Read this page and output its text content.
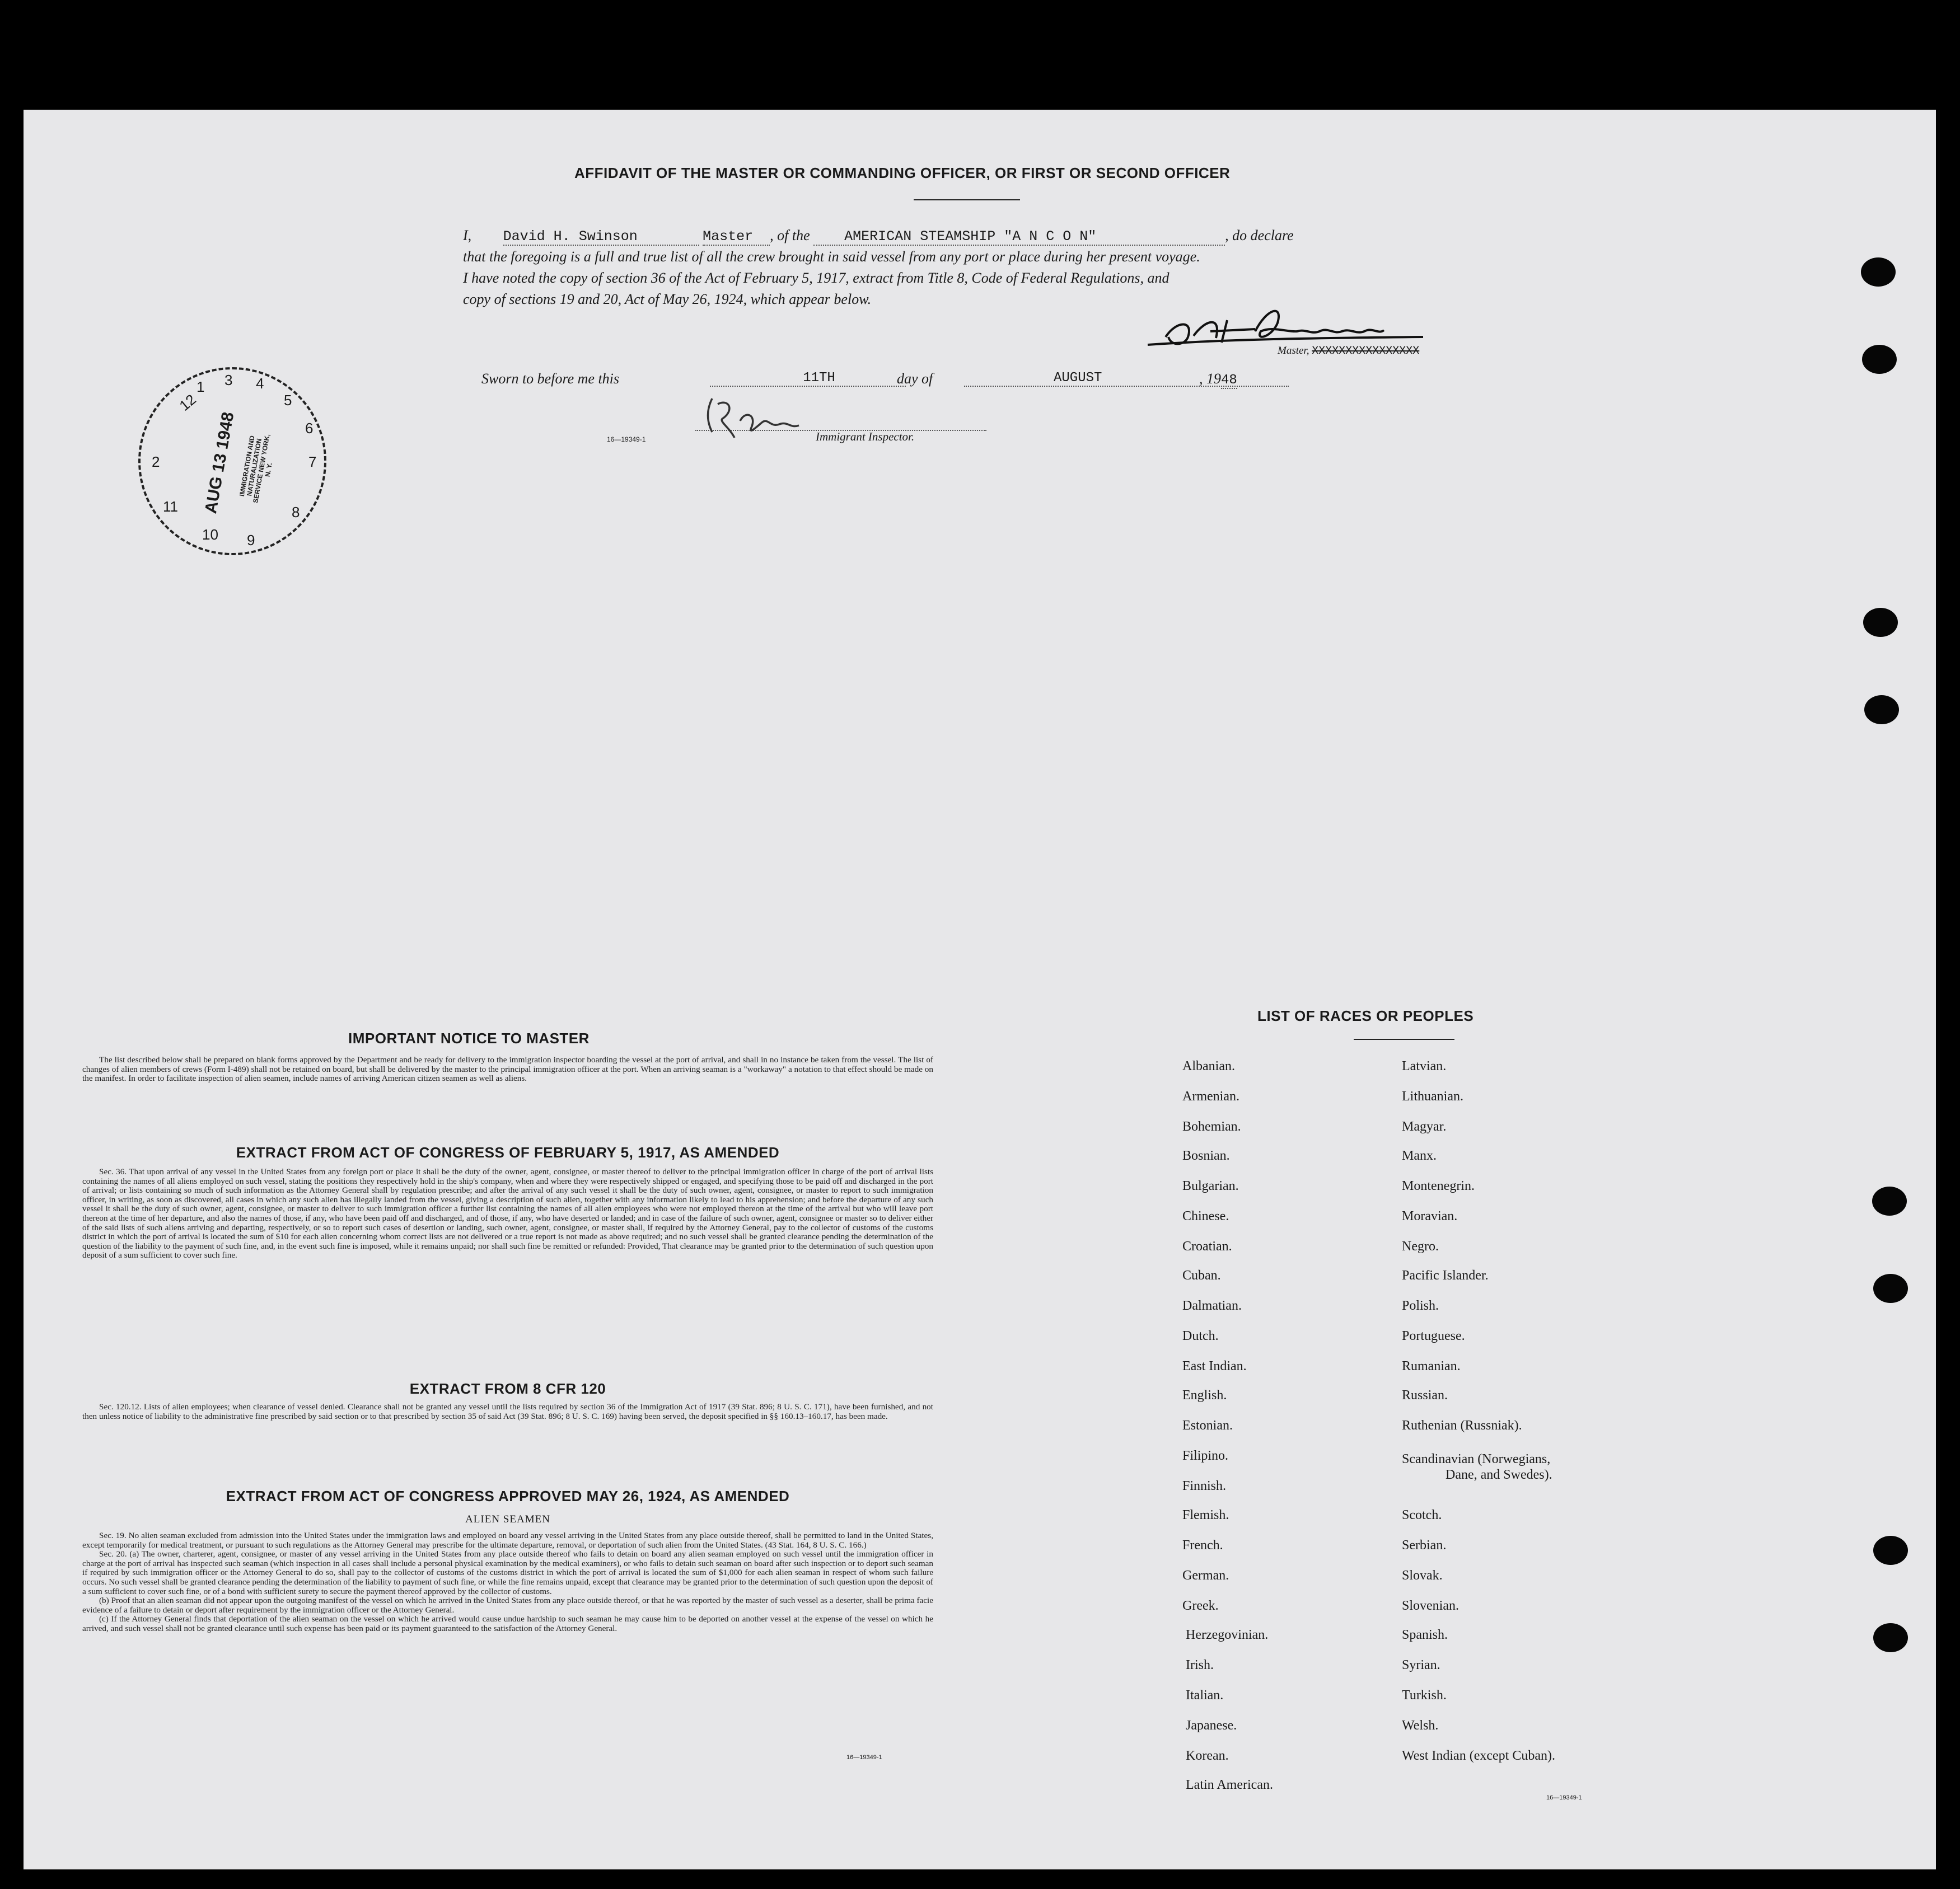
AFFIDAVIT OF THE MASTER OR COMMANDING OFFICER, OR FIRST OR SECOND OFFICER
I, David H. Swinson	Master , of the AMERICAN STEAMSHIP "A N C O N"	, do declare
that the foregoing is a full and true list of all the crew brought in said vessel from any port or place during her present voyage.
I have noted the copy of section 36 of the Act of February 5, 1917, extract from Title 8, Code of Federal Regulations, and
copy of sections 19 and 20, Act of May 26, 1924, which appear below.
Master, XXXXXXXXXXXXXXXX
Sworn to before me this	11TH	day of	AUGUST	, 1948
16—19349-1	Immigrant Inspector.
12
1 3 4
5
6
7
8
9
10
11
2 AUG 13 1948 IMMIGRATION AND NATURALIZATION SERVICE NEW YORK, N. Y.
IMPORTANT NOTICE TO MASTER

The list described below shall be prepared on blank forms approved by the Department and be ready for delivery to the immigration inspector boarding the vessel at the port of arrival, and shall in no instance be taken from the vessel. The list of changes of alien members of crews (Form I-489) shall not be retained on board, but shall be delivered by the master to the principal immigration officer at the port. When an arriving seaman is a "workaway" a notation to that effect should be made on the manifest. In order to facilitate inspection of alien seamen, include names of arriving American citizen seamen as well as aliens.

EXTRACT FROM ACT OF CONGRESS OF FEBRUARY 5, 1917, AS AMENDED

Sec. 36. That upon arrival of any vessel in the United States from any foreign port or place it shall be the duty of the owner, agent, consignee, or master thereof to deliver to the principal immigration officer in charge of the port of arrival lists containing the names of all aliens employed on such vessel, stating the positions they respectively hold in the ship's company, when and where they were respectively shipped or engaged, and specifying those to be paid off and discharged in the port of arrival; or lists containing so much of such information as the Attorney General shall by regulation prescribe; and after the arrival of any such vessel it shall be the duty of such owner, agent, consignee, or master to report to such immigration officer, in writing, as soon as discovered, all cases in which any such alien has illegally landed from the vessel, giving a description of such alien, together with any information likely to lead to his apprehension; and before the departure of any such vessel it shall be the duty of such owner, agent, consignee, or master to deliver to such immigration officer a further list containing the names of all alien employees who were not employed thereon at the time of the arrival but who will leave port thereon at the time of her departure, and also the names of those, if any, who have been paid off and discharged, and of those, if any, who have deserted or landed; and in case of the failure of such owner, agent, consignee or master so to deliver either of the said lists of such aliens arriving and departing, respectively, or so to report such cases of desertion or landing, such owner, agent, consignee, or master shall, if required by the Attorney General, pay to the collector of customs of the customs district in which the port of arrival is located the sum of $10 for each alien concerning whom correct lists are not delivered or a true report is not made as above required; and no such vessel shall be granted clearance pending the determination of the question of the liability to the payment of such fine, and, in the event such fine is imposed, while it remains unpaid; nor shall such fine be remitted or refunded: Provided, That clearance may be granted prior to the determination of such question upon deposit of a sum sufficient to cover such fine.

EXTRACT FROM 8 CFR 120

Sec. 120.12. Lists of alien employees; when clearance of vessel denied. Clearance shall not be granted any vessel until the lists required by section 36 of the Immigration Act of 1917 (39 Stat. 896; 8 U. S. C. 171), have been furnished, and not then unless notice of liability to the administrative fine prescribed by said section or to that prescribed by section 35 of said Act (39 Stat. 896; 8 U. S. C. 169) having been served, the deposit specified in §§ 160.13–160.17, has been made.

EXTRACT FROM ACT OF CONGRESS APPROVED MAY 26, 1924, AS AMENDED
ALIEN SEAMEN

Sec. 19. No alien seaman excluded from admission into the United States under the immigration laws and employed on board any vessel arriving in the United States from any place outside thereof, shall be permitted to land in the United States, except temporarily for medical treatment, or pursuant to such regulations as the Attorney General may prescribe for the ultimate departure, removal, or deportation of such alien from the United States. (43 Stat. 164, 8 U. S. C. 166.)

Sec. 20. (a) The owner, charterer, agent, consignee, or master of any vessel arriving in the United States from any place outside thereof who fails to detain on board any alien seaman employed on such vessel until the immigration officer in charge at the port of arrival has inspected such seaman (which inspection in all cases shall include a personal physical examination by the medical examiners), or who fails to detain such seaman on board after such inspection or to deport such seaman if required by such immigration officer or the Attorney General to do so, shall pay to the collector of customs of the customs district in which the port of arrival is located the sum of $1,000 for each alien seaman in respect of whom such failure occurs. No such vessel shall be granted clearance pending the determination of the liability to payment of such fine, or while the fine remains unpaid, except that clearance may be granted prior to the determination of such question upon the deposit of a sum sufficient to cover such fine, or of a bond with sufficient surety to secure the payment thereof approved by the collector of customs.

(b) Proof that an alien seaman did not appear upon the outgoing manifest of the vessel on which he arrived in the United States from any place outside thereof, or that he was reported by the master of such vessel as a deserter, shall be prima facie evidence of a failure to detain or deport after requirement by the immigration officer or the Attorney General.

(c) If the Attorney General finds that deportation of the alien seaman on the vessel on which he arrived would cause undue hardship to such seaman he may cause him to be deported on another vessel at the expense of the vessel on which he arrived, and such vessel shall not be granted clearance until such expense has been paid or its payment guaranteed to the satisfaction of the Attorney General.

16—19349-1
LIST OF RACES OR PEOPLES
16—19349-1
Albanian.
Armenian.
Bohemian.
Bosnian.
Bulgarian.
Chinese.
Croatian.
Cuban.
Dalmatian.
Dutch.
East Indian.
English.
Estonian.
Filipino.
Finnish.
Flemish.
French.
German.
Greek.
Herzegovinian.
Irish.
Italian.
Japanese.
Korean.
Latin American.
Latvian.
Lithuanian.
Magyar.
Manx.
Montenegrin.
Moravian.
Negro.
Pacific Islander.
Polish.
Portuguese.
Rumanian.
Russian.
Ruthenian (Russniak).
Scandinavian (Norwegians,
Dane, and Swedes).
Scotch.
Serbian.
Slovak.
Slovenian.
Spanish.
Syrian.
Turkish.
Welsh.
West Indian (except Cuban).
